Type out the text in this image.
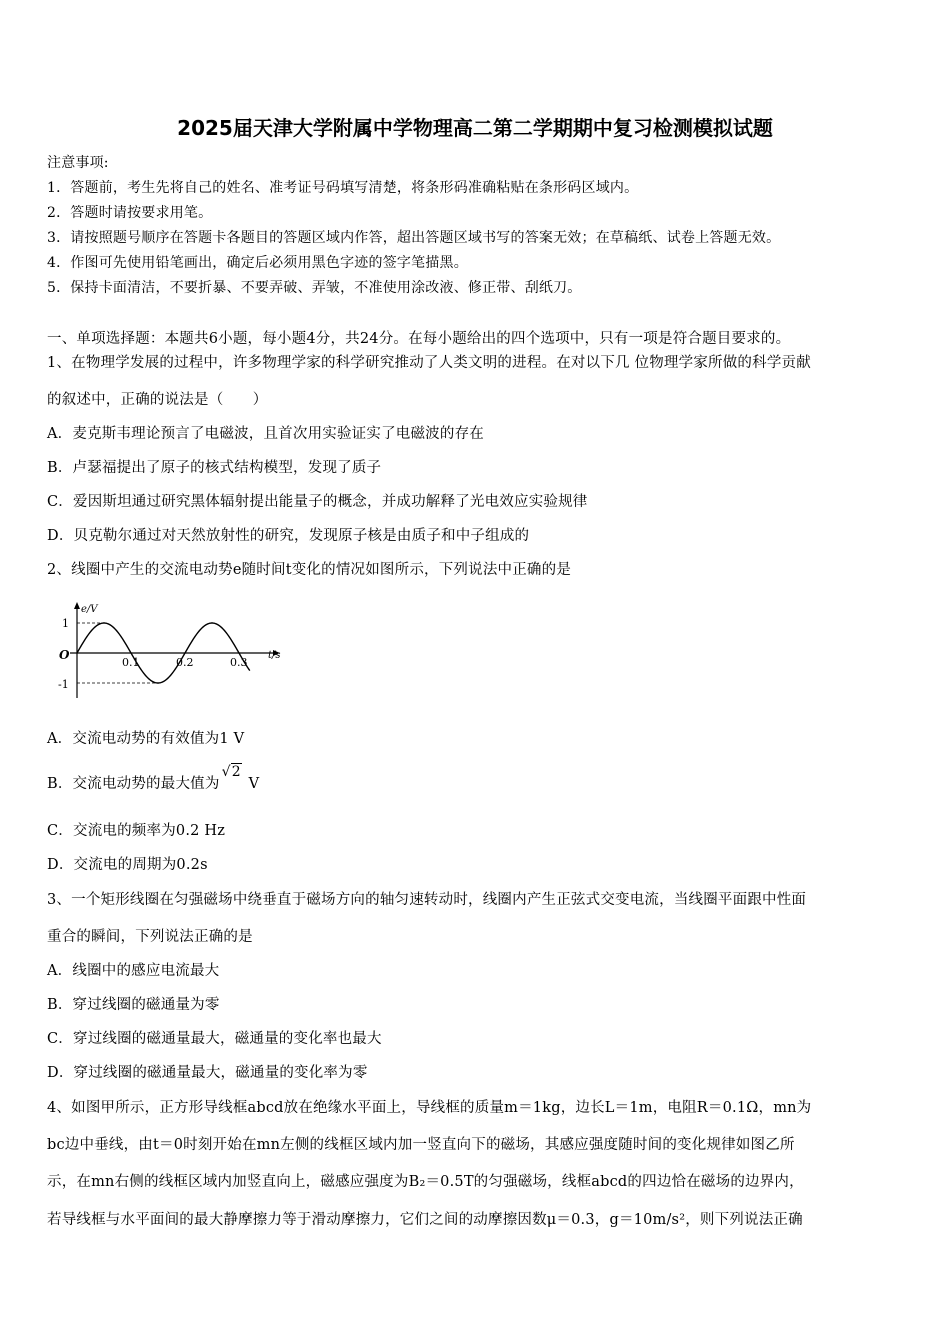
2025届天津大学附属中学物理高二第二学期期中复习检测模拟试题
注意事项:
1．答题前，考生先将自己的姓名、准考证号码填写清楚，将条形码准确粘贴在条形码区域内。
2．答题时请按要求用笔。
3．请按照题号顺序在答题卡各题目的答题区域内作答，超出答题区域书写的答案无效；在草稿纸、试卷上答题无效。
4．作图可先使用铅笔画出，确定后必须用黑色字迹的签字笔描黑。
5．保持卡面清洁，不要折暴、不要弄破、弄皱，不准使用涂改液、修正带、刮纸刀。
一、单项选择题：本题共6小题，每小题4分，共24分。在每小题给出的四个选项中，只有一项是符合题目要求的。
1、在物理学发展的过程中，许多物理学家的科学研究推动了人类文明的进程。在对以下几 位物理学家所做的科学贡献
的叙述中，正确的说法是（　　）
A．麦克斯韦理论预言了电磁波，且首次用实验证实了电磁波的存在
B．卢瑟福提出了原子的核式结构模型，发现了质子
C．爱因斯坦通过研究黑体辐射提出能量子的概念，并成功解释了光电效应实验规律
D．贝克勒尔通过对天然放射性的研究，发现原子核是由质子和中子组成的
2、线圈中产生的交流电动势e随时间t变化的情况如图所示，下列说法中正确的是
e/V
t/s
O
1
-1
0.1	0.2	0.3
A．交流电动势的有效值为1 V
B．交流电动势的最大值为√2 V
C．交流电的频率为0.2 Hz
D．交流电的周期为0.2s
3、一个矩形线圈在匀强磁场中绕垂直于磁场方向的轴匀速转动时，线圈内产生正弦式交变电流，当线圈平面跟中性面
重合的瞬间，下列说法正确的是
A．线圈中的感应电流最大
B．穿过线圈的磁通量为零
C．穿过线圈的磁通量最大，磁通量的变化率也最大
D．穿过线圈的磁通量最大，磁通量的变化率为零
4、如图甲所示，正方形导线框abcd放在绝缘水平面上，导线框的质量m＝1kg，边长L＝1m，电阻R＝0.1Ω，mn为
bc边中垂线，由t＝0时刻开始在mn左侧的线框区域内加一竖直向下的磁场，其感应强度随时间的变化规律如图乙所
示，在mn右侧的线框区域内加竖直向上，磁感应强度为B₂＝0.5T的匀强磁场，线框abcd的四边恰在磁场的边界内，
若导线框与水平面间的最大静摩擦力等于滑动摩擦力，它们之间的动摩擦因数μ＝0.3，g＝10m/s²，则下列说法正确
